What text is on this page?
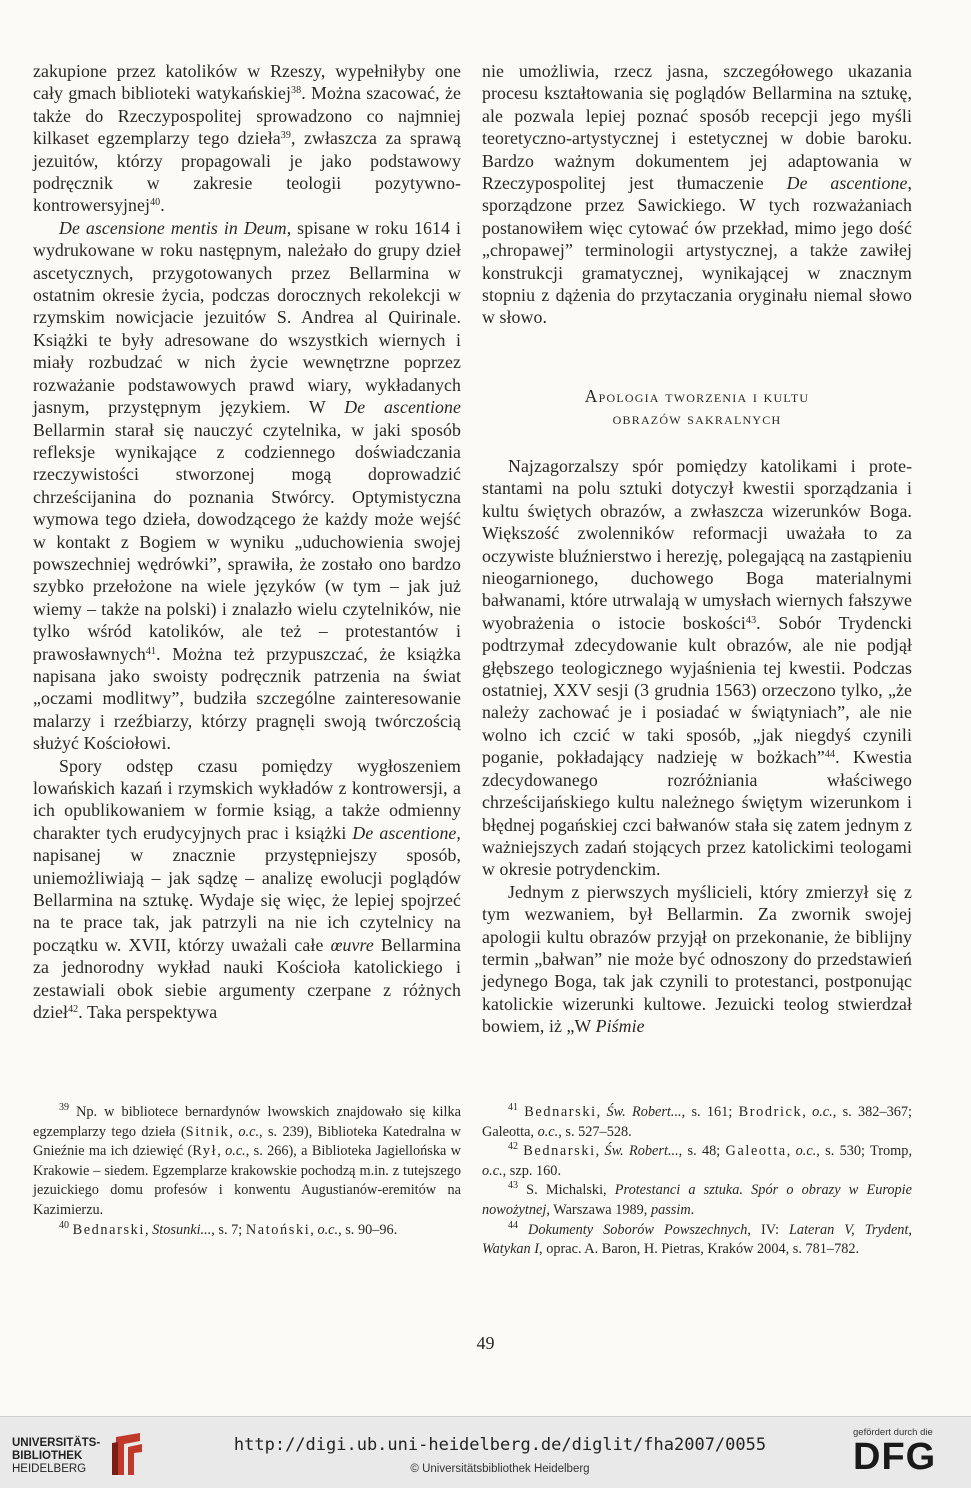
zakupione przez katolików w Rzeszy, wypełniłyby one cały gmach biblioteki watykańskiej$^{38}$. Można szacować, że także do Rzeczypospolitej sprowadzono co najmniej kilkaset egzemplarzy tego dzieła$^{39}$, zwłaszcza za sprawą jezuitów, którzy propagowali je jako podstawowy podręcznik w zakresie teologii pozytywno-kontrowersyjnej$^{40}$.

De ascensione mentis in Deum, spisane w roku 1614 i wydrukowane w roku następnym, należało do grupy dzieł ascetycznych, przygotowanych przez Bellarmina w ostatnim okresie życia, podczas dorocznych rekolekcji w rzymskim nowicjacie jezuitów S. Andrea al Quirinale. Książki te były adresowane do wszystkich wiernych i miały rozbudzać w nich życie wewnętrzne poprzez rozważanie podstawowych prawd wiary, wykładanych jasnym, przystępnym językiem. W De ascentione Bellarmin starał się nauczyć czytelnika, w jaki sposób refleksje wynikające z codziennego doświadczania rzeczywistości stworzonej mogą doprowadzić chrześcijanina do poznania Stwórcy. Optymistyczna wymowa tego dzieła, dowodzącego że każdy może wejść w kontakt z Bogiem w wyniku „uduchowienia swojej powszechniej wędrówki”, sprawiła, że zostało ono bardzo szybko przełożone na wiele języków (w tym – jak już wiemy – także na polski) i znalazło wielu czytelników, nie tylko wśród katolików, ale też – protestantów i prawosławnych$^{41}$. Można też przypuszczać, że książka napisana jako swoisty podręcznik patrzenia na świat „oczami modlitwy”, budziła szczególne zainteresowanie malarzy i rzeźbiarzy, którzy pragnęli swoją twórczością służyć Kościołowi.

Spory odstęp czasu pomiędzy wygłoszeniem lowańskich kazań i rzymskich wykładów z kontrowersji, a ich opublikowaniem w formie ksiąg, a także odmienny charakter tych erudycyjnych prac i książki De ascentione, napisanej w znacznie przystępniejszy sposób, uniemożliwiają – jak sądzę – analizę ewolucji poglądów Bellarmina na sztukę. Wydaje się więc, że lepiej spojrzeć na te prace tak, jak patrzyli na nie ich czytelnicy na początku w. XVII, którzy uważali całe œuvre Bellarmina za jednorodny wykład nauki Kościoła katolickiego i zestawiali obok siebie argumenty czerpane z różnych dzieł$^{42}$. Taka perspektywa

nie umożliwia, rzecz jasna, szczegółowego ukazania procesu kształtowania się poglądów Bellarmina na sztukę, ale pozwala lepiej poznać sposób recepcji jego myśli teoretyczno-artystycznej i estetycznej w dobie baroku. Bardzo ważnym dokumentem jej adaptowania w Rzeczypospolitej jest tłumaczenie De ascentione, sporządzone przez Sawickiego. W tych rozważaniach postanowiłem więc cytować ów przekład, mimo jego dość „chropawej” terminologii artystycznej, a także zawiłej konstrukcji gramatycznej, wynikającej w znacznym stopniu z dążenia do przytaczania oryginału niemal słowo w słowo.

Apologia tworzenia i kultu
obrazów sakralnych

Najzagorzalszy spór pomiędzy katolikami i protestantami na polu sztuki dotyczył kwestii sporządzania i kultu świętych obrazów, a zwłaszcza wizerunków Boga. Większość zwolenników reformacji uważała to za oczywiste bluźnierstwo i herezję, polegającą na zastąpieniu nieogarnionego, duchowego Boga materialnymi bałwanami, które utrwalają w umysłach wiernych fałszywe wyobrażenia o istocie boskości$^{43}$. Sobór Trydencki podtrzymał zdecydowanie kult obrazów, ale nie podjął głębszego teologicznego wyjaśnienia tej kwestii. Podczas ostatniej, XXV sesji (3 grudnia 1563) orzeczono tylko, „że należy zachować je i posiadać w świątyniach”, ale nie wolno ich czcić w taki sposób, „jak niegdyś czynili poganie, pokładający nadzieję w bożkach”$^{44}$. Kwestia zdecydowanego rozróżniania właściwego chrześcijańskiego kultu należnego świętym wizerunkom i błędnej pogańskiej czci bałwanów stała się zatem jednym z ważniejszych zadań stojących przez katolickimi teologami w okresie potrydenckim.

Jednym z pierwszych myślicieli, który zmierzył się z tym wezwaniem, był Bellarmin. Za zwornik swojej apologii kultu obrazów przyjął on przekonanie, że biblijny termin „bałwan” nie może być odnoszony do przedstawień jedynego Boga, tak jak czynili to protestanci, postponując katolickie wizerunki kultowe. Jezuicki teolog stwierdzał bowiem, iż „W Piśmie

$^{39}$ Np. w bibliotece bernardynów lwowskich znajdowało się kilka egzemplarzy tego dzieła (Sitnik, o.c., s. 239), Biblioteka Katedralna w Gnieźnie ma ich dziewięć (Rył, o.c., s. 266), a Biblioteka Jagiellońska w Krakowie – siedem. Egzemplarze krakowskie pochodzą m.in. z tutejszego jezuickiego domu profesów i konwentu Augustianów-eremitów na Kazimierzu.

$^{40}$ Bednarski, Stosunki..., s. 7; Natoński, o.c., s. 90–96.

$^{41}$ Bednarski, Św. Robert..., s. 161; Brodrick, o.c., s. 382–367; Galeotta, o.c., s. 527–528.

$^{42}$ Bednarski, Św. Robert..., s. 48; Galeotta, o.c., s. 530; Tromp, o.c., szp. 160.

$^{43}$ S. Michalski, Protestanci a sztuka. Spór o obrazy w Europie nowożytnej, Warszawa 1989, passim.

$^{44}$ Dokumenty Soborów Powszechnych, IV: Lateran V, Trydent, Watykan I, oprac. A. Baron, H. Pietras, Kraków 2004, s. 781–782.

49
UNIVERSITÄTS-
BIBLIOTHEK
HEIDELBERG
http://digi.ub.uni-heidelberg.de/diglit/fha2007/0055
© Universitätsbibliothek Heidelberg
gefördert durch die
DFG
